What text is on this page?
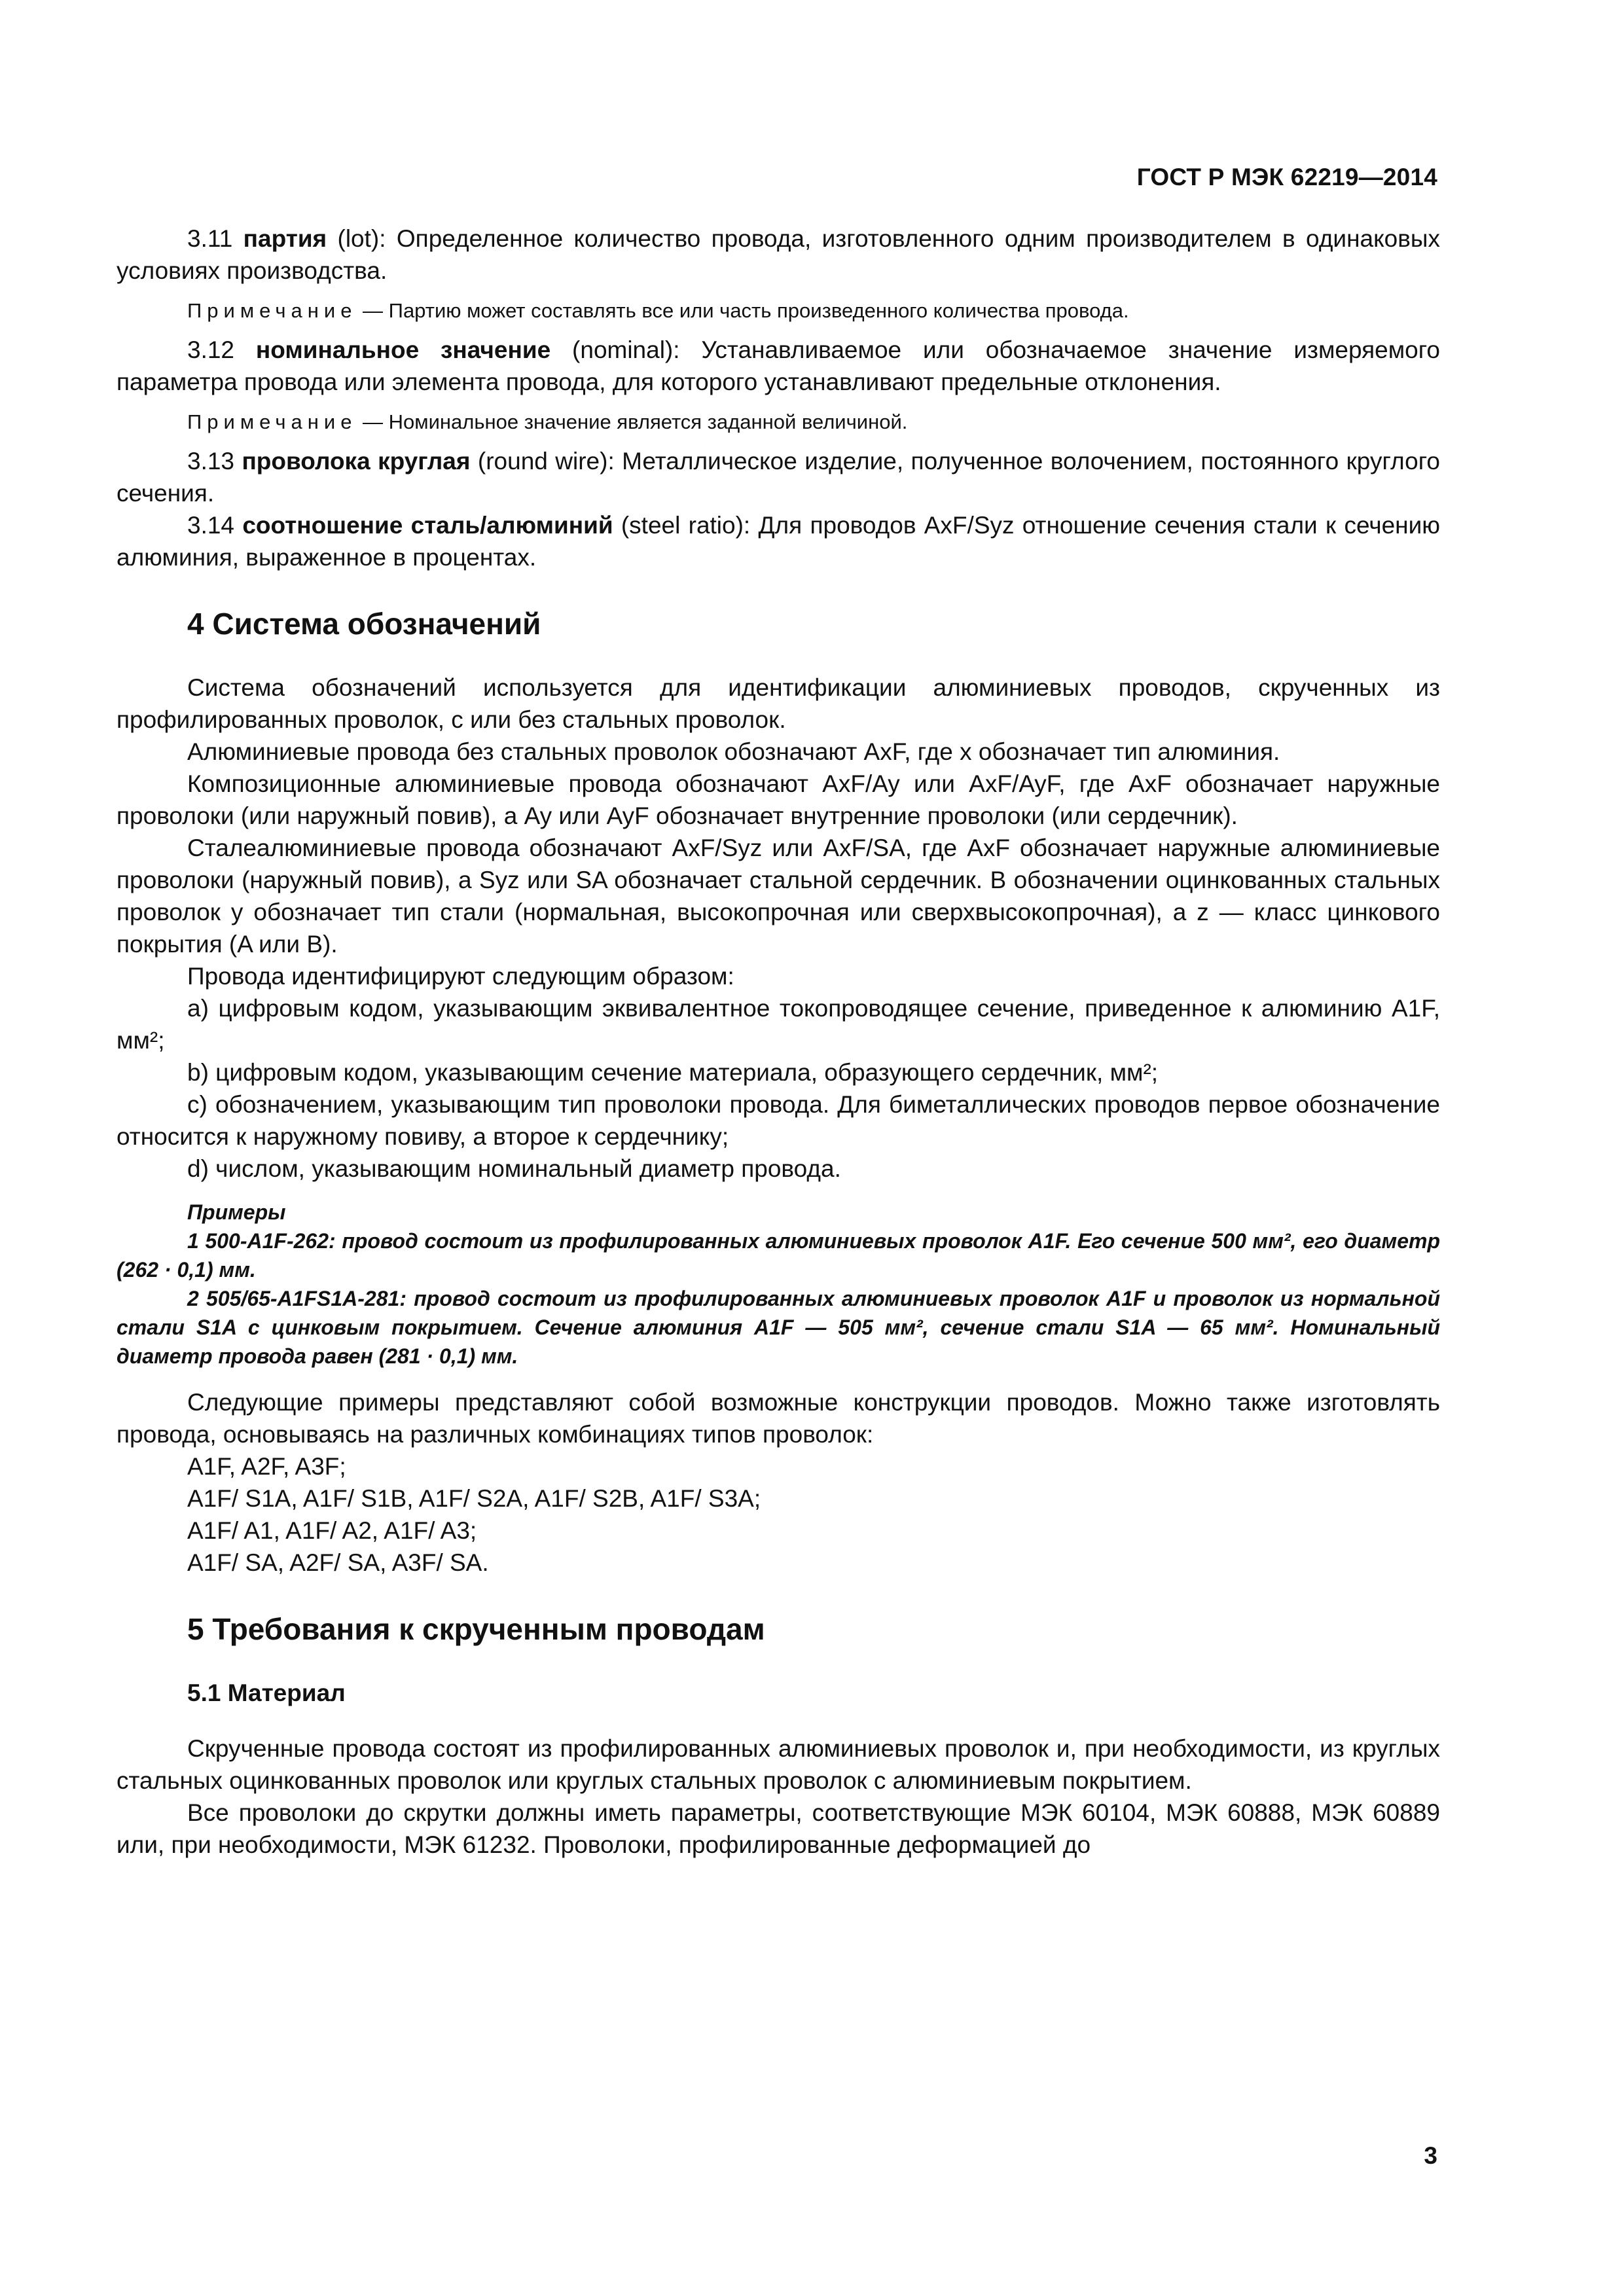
ГОСТ Р МЭК 62219—2014

3.11 партия (lot): Определенное количество провода, изготовленного одним производителем в одинаковых условиях производства.

Примечание — Партию может составлять все или часть произведенного количества провода.

3.12 номинальное значение (nominal): Устанавливаемое или обозначаемое значение измеряемого параметра провода или элемента провода, для которого устанавливают предельные отклонения.

Примечание — Номинальное значение является заданной величиной.

3.13 проволока круглая (round wire): Металлическое изделие, полученное волочением, постоянного круглого сечения.

3.14 соотношение сталь/алюминий (steel ratio): Для проводов AxF/Syz отношение сечения стали к сечению алюминия, выраженное в процентах.

4 Система обозначений

Система обозначений используется для идентификации алюминиевых проводов, скрученных из профилированных проволок, с или без стальных проволок.

Алюминиевые провода без стальных проволок обозначают AxF, где x обозначает тип алюминия.

Композиционные алюминиевые провода обозначают AxF/Ay или AxF/AyF, где AxF обозначает наружные проволоки (или наружный повив), а Ay или AyF обозначает внутренние проволоки (или сердечник).

Сталеалюминиевые провода обозначают AxF/Syz или AxF/SA, где AxF обозначает наружные алюминиевые проволоки (наружный повив), а Syz или SA обозначает стальной сердечник. В обозначении оцинкованных стальных проволок y обозначает тип стали (нормальная, высокопрочная или сверхвысокопрочная), а z — класс цинкового покрытия (A или B).

Провода идентифицируют следующим образом:

a) цифровым кодом, указывающим эквивалентное токопроводящее сечение, приведенное к алюминию A1F, мм²;

b) цифровым кодом, указывающим сечение материала, образующего сердечник, мм²;

c) обозначением, указывающим тип проволоки провода. Для биметаллических проводов первое обозначение относится к наружному повиву, а второе к сердечнику;

d) числом, указывающим номинальный диаметр провода.

Примеры

1 500-A1F-262: провод состоит из профилированных алюминиевых проволок A1F. Его сечение 500 мм², его диаметр (262 · 0,1) мм.

2 505/65-A1FS1A-281: провод состоит из профилированных алюминиевых проволок A1F и проволок из нормальной стали S1A с цинковым покрытием. Сечение алюминия A1F — 505 мм², сечение стали S1A — 65 мм². Номинальный диаметр провода равен (281 · 0,1) мм.

Следующие примеры представляют собой возможные конструкции проводов. Можно также изготовлять провода, основываясь на различных комбинациях типов проволок:

A1F, A2F, A3F;

A1F/ S1A, A1F/ S1B, A1F/ S2A, A1F/ S2B, A1F/ S3A;

A1F/ A1, A1F/ A2, A1F/ A3;

A1F/ SA, A2F/ SA, A3F/ SA.

5 Требования к скрученным проводам
5.1 Материал

Скрученные провода состоят из профилированных алюминиевых проволок и, при необходимости, из круглых стальных оцинкованных проволок или круглых стальных проволок с алюминиевым покрытием.

Все проволоки до скрутки должны иметь параметры, соответствующие МЭК 60104, МЭК 60888, МЭК 60889 или, при необходимости, МЭК 61232. Проволоки, профилированные деформацией до

3
